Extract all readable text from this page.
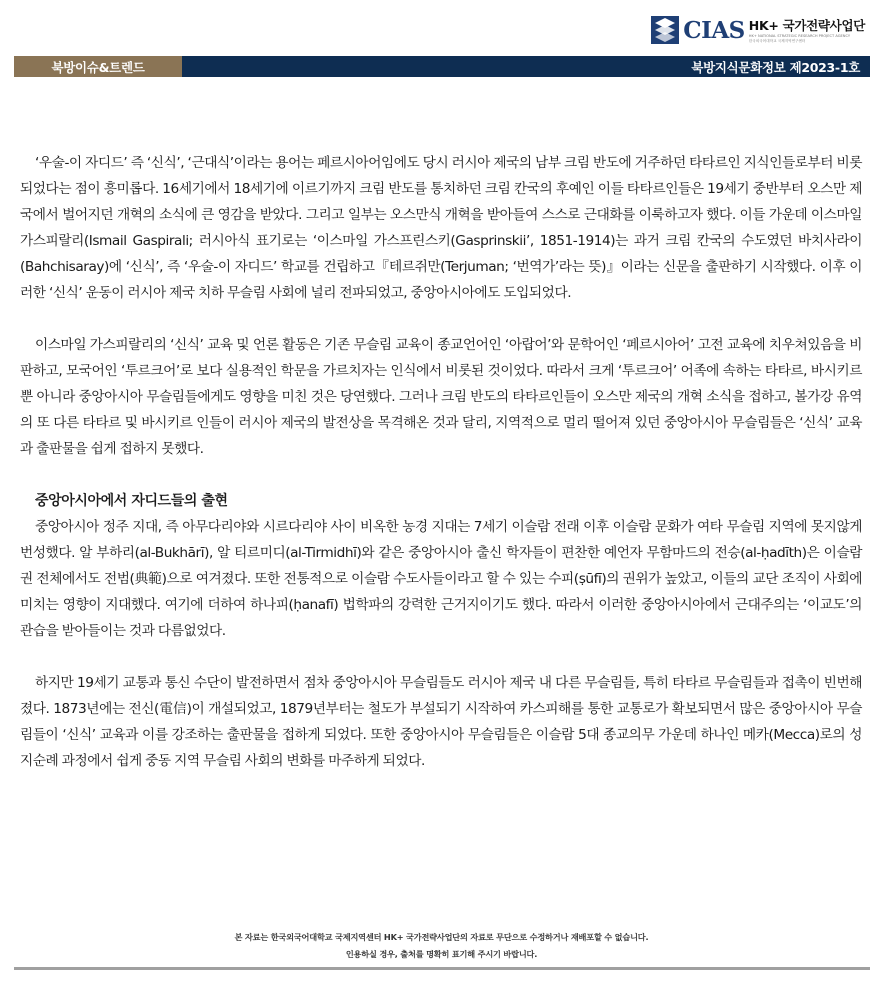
CIAS HK+ 국가전략사업단
HK+ NATIONAL STRATEGIC RESEARCH PROJECT AGENCY
한국외국어대학교 국제지역연구센터
북방이슈&트렌드	북방지식문화정보 제2023-1호

‘우술-이 자디드’ 즉 ‘신식’, ‘근대식’이라는 용어는 페르시아어임에도 당시 러시아 제국의 남부 크림 반도에 거주하던 타타르인 지식인들로부터 비롯되었다는 점이 흥미롭다. 16세기에서 18세기에 이르기까지 크림 반도를 통치하던 크림 칸국의 후예인 이들 타타르인들은 19세기 중반부터 오스만 제국에서 벌어지던 개혁의 소식에 큰 영감을 받았다. 그리고 일부는 오스만식 개혁을 받아들여 스스로 근대화를 이룩하고자 했다. 이들 가운데 이스마일 가스피랄리(Ismail Gaspirali; 러시아식 표기로는 ‘이스마일 가스프린스키(Gasprinskii’, 1851-1914)는 과거 크림 칸국의 수도였던 바치사라이(Bahchisaray)에 ‘신식’, 즉 ‘우술-이 자디드’ 학교를 건립하고『테르쥐만(Terjuman; ‘번역가’라는 뜻)』이라는 신문을 출판하기 시작했다. 이후 이러한 ‘신식’ 운동이 러시아 제국 치하 무슬림 사회에 널리 전파되었고, 중앙아시아에도 도입되었다.

이스마일 가스피랄리의 ‘신식’ 교육 및 언론 활동은 기존 무슬림 교육이 종교언어인 ‘아랍어’와 문학어인 ‘페르시아어’ 고전 교육에 치우쳐있음을 비판하고, 모국어인 ‘투르크어’로 보다 실용적인 학문을 가르치자는 인식에서 비롯된 것이었다. 따라서 크게 ‘투르크어’ 어족에 속하는 타타르, 바시키르 뿐 아니라 중앙아시아 무슬림들에게도 영향을 미친 것은 당연했다. 그러나 크림 반도의 타타르인들이 오스만 제국의 개혁 소식을 접하고, 볼가강 유역의 또 다른 타타르 및 바시키르 인들이 러시아 제국의 발전상을 목격해온 것과 달리, 지역적으로 멀리 떨어져 있던 중앙아시아 무슬림들은 ‘신식’ 교육과 출판물을 쉽게 접하지 못했다.

중앙아시아에서 자디드들의 출현

중앙아시아 정주 지대, 즉 아무다리야와 시르다리야 사이 비옥한 농경 지대는 7세기 이슬람 전래 이후 이슬람 문화가 여타 무슬림 지역에 못지않게 번성했다. 알 부하리(al-Bukhārī), 알 티르미디(al-Tirmidhī)와 같은 중앙아시아 출신 학자들이 편찬한 예언자 무함마드의 전승(al-ḥadīth)은 이슬람권 전체에서도 전범(典範)으로 여겨졌다. 또한 전통적으로 이슬람 수도사들이라고 할 수 있는 수피(ṣūfī)의 권위가 높았고, 이들의 교단 조직이 사회에 미치는 영향이 지대했다. 여기에 더하여 하나피(ḥanafī) 법학파의 강력한 근거지이기도 했다. 따라서 이러한 중앙아시아에서 근대주의는 ‘이교도’의 관습을 받아들이는 것과 다름없었다.

하지만 19세기 교통과 통신 수단이 발전하면서 점차 중앙아시아 무슬림들도 러시아 제국 내 다른 무슬림들, 특히 타타르 무슬림들과 접촉이 빈번해졌다. 1873년에는 전신(電信)이 개설되었고, 1879년부터는 철도가 부설되기 시작하여 카스피해를 통한 교통로가 확보되면서 많은 중앙아시아 무슬림들이 ‘신식’ 교육과 이를 강조하는 출판물을 접하게 되었다. 또한 중앙아시아 무슬림들은 이슬람 5대 종교의무 가운데 하나인 메카(Mecca)로의 성지순례 과정에서 쉽게 중동 지역 무슬림 사회의 변화를 마주하게 되었다.

본 자료는 한국외국어대학교 국제지역센터 HK+ 국가전략사업단의 자료로 무단으로 수정하거나 재배포할 수 없습니다.
인용하실 경우, 출처를 명확히 표기해 주시기 바랍니다.
